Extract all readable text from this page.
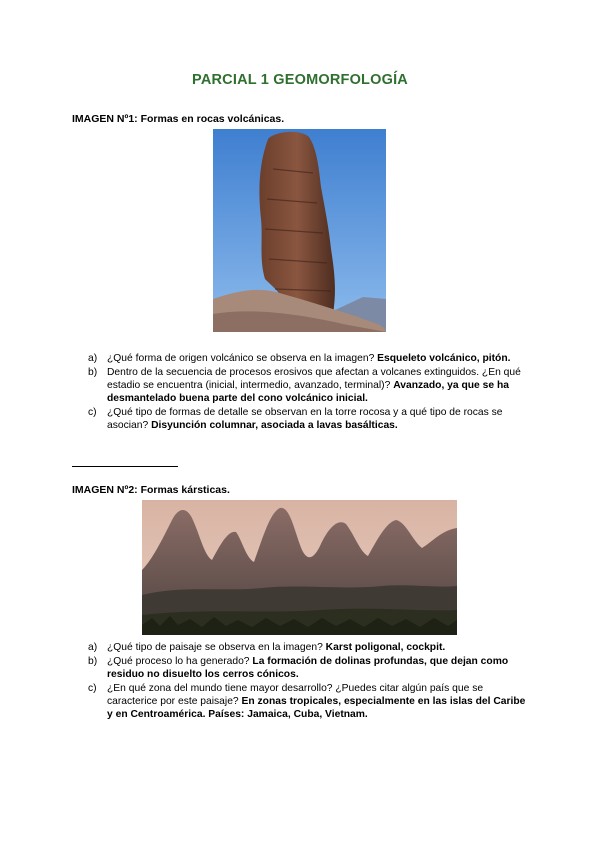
PARCIAL 1 GEOMORFOLOGÍA
IMAGEN Nº1: Formas en rocas volcánicas.
a) ¿Qué forma de origen volcánico se observa en la imagen? Esqueleto volcánico, pitón.
b) Dentro de la secuencia de procesos erosivos que afectan a volcanes extinguidos. ¿En qué estadio se encuentra (inicial, intermedio, avanzado, terminal)? Avanzado, ya que se ha desmantelado buena parte del cono volcánico inicial.
c) ¿Qué tipo de formas de detalle se observan en la torre rocosa y a qué tipo de rocas se asocian? Disyunción columnar, asociada a lavas basálticas.
IMAGEN Nº2: Formas kársticas.
a) ¿Qué tipo de paisaje se observa en la imagen? Karst poligonal, cockpit.
b) ¿Qué proceso lo ha generado? La formación de dolinas profundas, que dejan como residuo no disuelto los cerros cónicos.
c) ¿En qué zona del mundo tiene mayor desarrollo? ¿Puedes citar algún país que se caracterice por este paisaje? En zonas tropicales, especialmente en las islas del Caribe y en Centroamérica. Países: Jamaica, Cuba, Vietnam.
